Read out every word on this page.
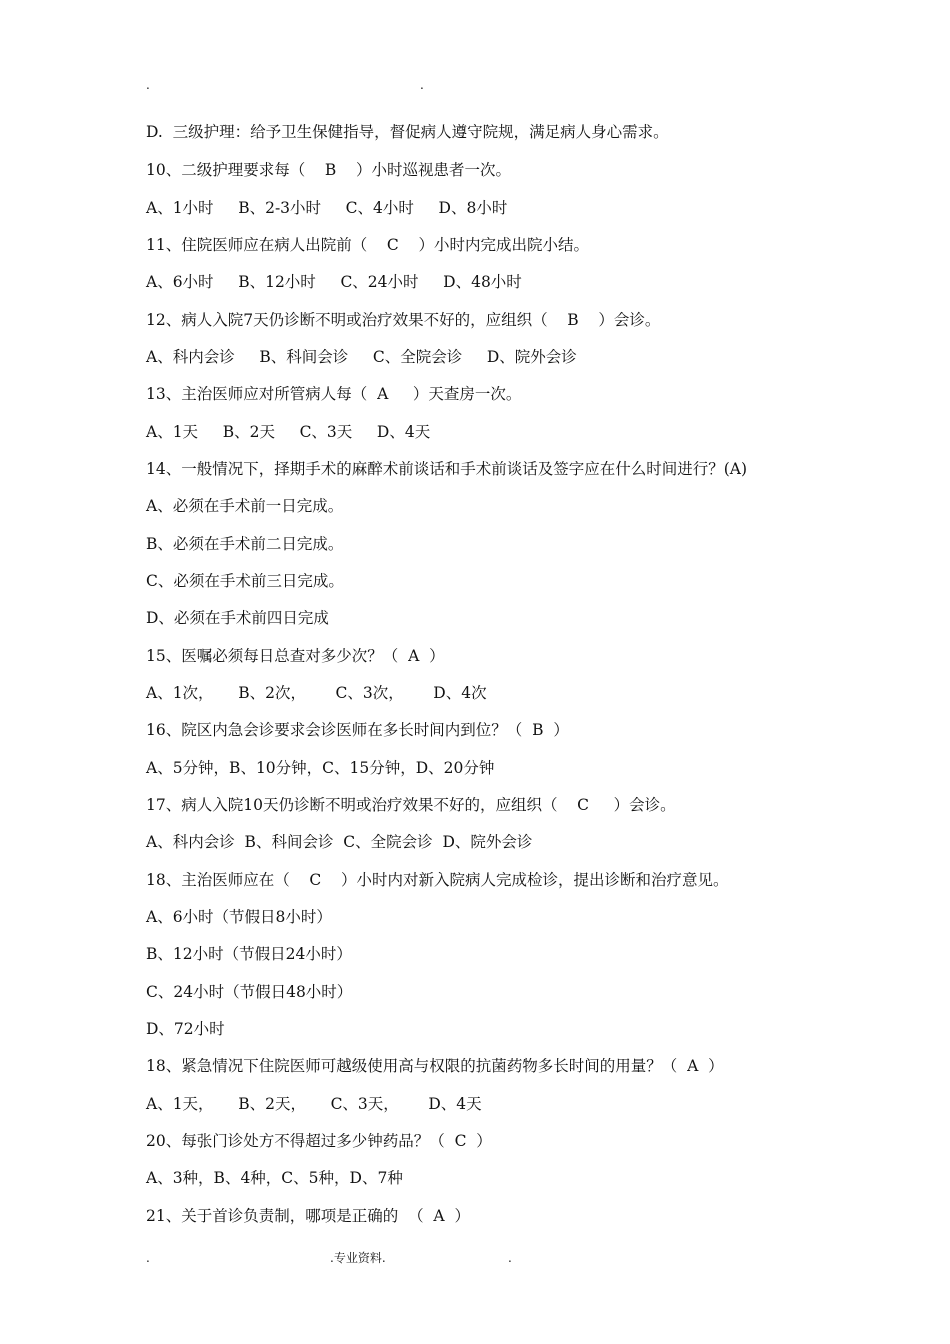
.	.
D.  三级护理：给予卫生保健指导，督促病人遵守院规，满足病人身心需求。
10、二级护理要求每（    B    ）小时巡视患者一次。
A、1小时     B、2-3小时     C、4小时     D、8小时
11、住院医师应在病人出院前（    C    ）小时内完成出院小结。
A、6小时     B、12小时     C、24小时     D、48小时
12、病人入院7天仍诊断不明或治疗效果不好的，应组织（    B    ）会诊。
A、科内会诊     B、科间会诊     C、全院会诊     D、院外会诊
13、主治医师应对所管病人每（  A     ）天查房一次。
A、1天     B、2天     C、3天     D、4天
14、一般情况下，择期手术的麻醉术前谈话和手术前谈话及签字应在什么时间进行？(A)
A、必须在手术前一日完成。
B、必须在手术前二日完成。
C、必须在手术前三日完成。
D、必须在手术前四日完成
15、医嘱必须每日总查对多少次？（  A  ）
A、1次，     B、2次，      C、3次，      D、4次
16、院区内急会诊要求会诊医师在多长时间内到位？（  B  ）
A、5分钟，B、10分钟，C、15分钟，D、20分钟
17、病人入院10天仍诊断不明或治疗效果不好的，应组织（    C     ）会诊。
A、科内会诊  B、科间会诊  C、全院会诊  D、院外会诊
18、主治医师应在（    C    ）小时内对新入院病人完成检诊，提出诊断和治疗意见。
A、6小时（节假日8小时）
B、12小时（节假日24小时）
C、24小时（节假日48小时）
D、72小时
18、紧急情况下住院医师可越级使用高与权限的抗菌药物多长时间的用量？（  A  ）
A、1天，     B、2天，     C、3天，      D、4天
20、每张门诊处方不得超过多少钟药品？（  C  ）
A、3种，B、4种，C、5种，D、7种
21、关于首诊负责制，哪项是正确的  （  A  ）
.	.专业资料.	.
